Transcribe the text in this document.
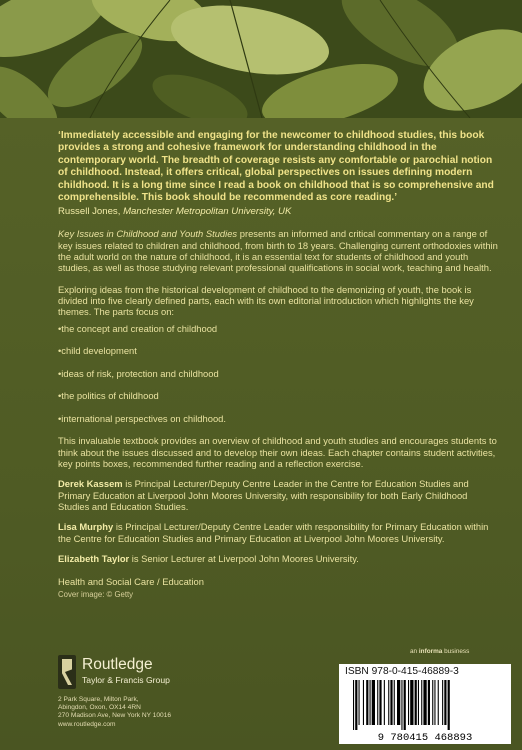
‘Immediately accessible and engaging for the newcomer to childhood studies, this book provides a strong and cohesive framework for understanding childhood in the contemporary world. The breadth of coverage resists any comfortable or parochial notion of childhood. Instead, it offers critical, global perspectives on issues defining modern childhood. It is a long time since I read a book on childhood that is so comprehensive and comprehensible. This book should be recommended as core reading.’

Russell Jones, Manchester Metropolitan University, UK

Key Issues in Childhood and Youth Studies presents an informed and critical commentary on a range of key issues related to children and childhood, from birth to 18 years. Challenging current orthodoxies within the adult world on the nature of childhood, it is an essential text for students of childhood and youth studies, as well as those studying relevant professional qualifications in social work, teaching and health.

Exploring ideas from the historical development of childhood to the demonizing of youth, the book is divided into five clearly defined parts, each with its own editorial introduction which highlights the key themes. The parts focus on:

• the concept and creation of childhood
• child development
• ideas of risk, protection and childhood
• the politics of childhood
• international perspectives on childhood.

This invaluable textbook provides an overview of childhood and youth studies and encourages students to think about the issues discussed and to develop their own ideas. Each chapter contains student activities, key points boxes, recommended further reading and a reflection exercise.

Derek Kassem is Principal Lecturer/Deputy Centre Leader in the Centre for Education Studies and Primary Education at Liverpool John Moores University, with responsibility for both Early Childhood Studies and Education Studies.

Lisa Murphy is Principal Lecturer/Deputy Centre Leader with responsibility for Primary Education within the Centre for Education Studies and Primary Education at Liverpool John Moores University.

Elizabeth Taylor is Senior Lecturer at Liverpool John Moores University.

Health and Social Care / Education

Cover image: © Getty

Routledge
Taylor & Francis Group
2 Park Square, Milton Park,
Abingdon, Oxon, OX14 4RN
270 Madison Ave, New York NY 10016
www.routledge.com
an informa business
ISBN 978-0-415-46889-3
9 780415 468893
